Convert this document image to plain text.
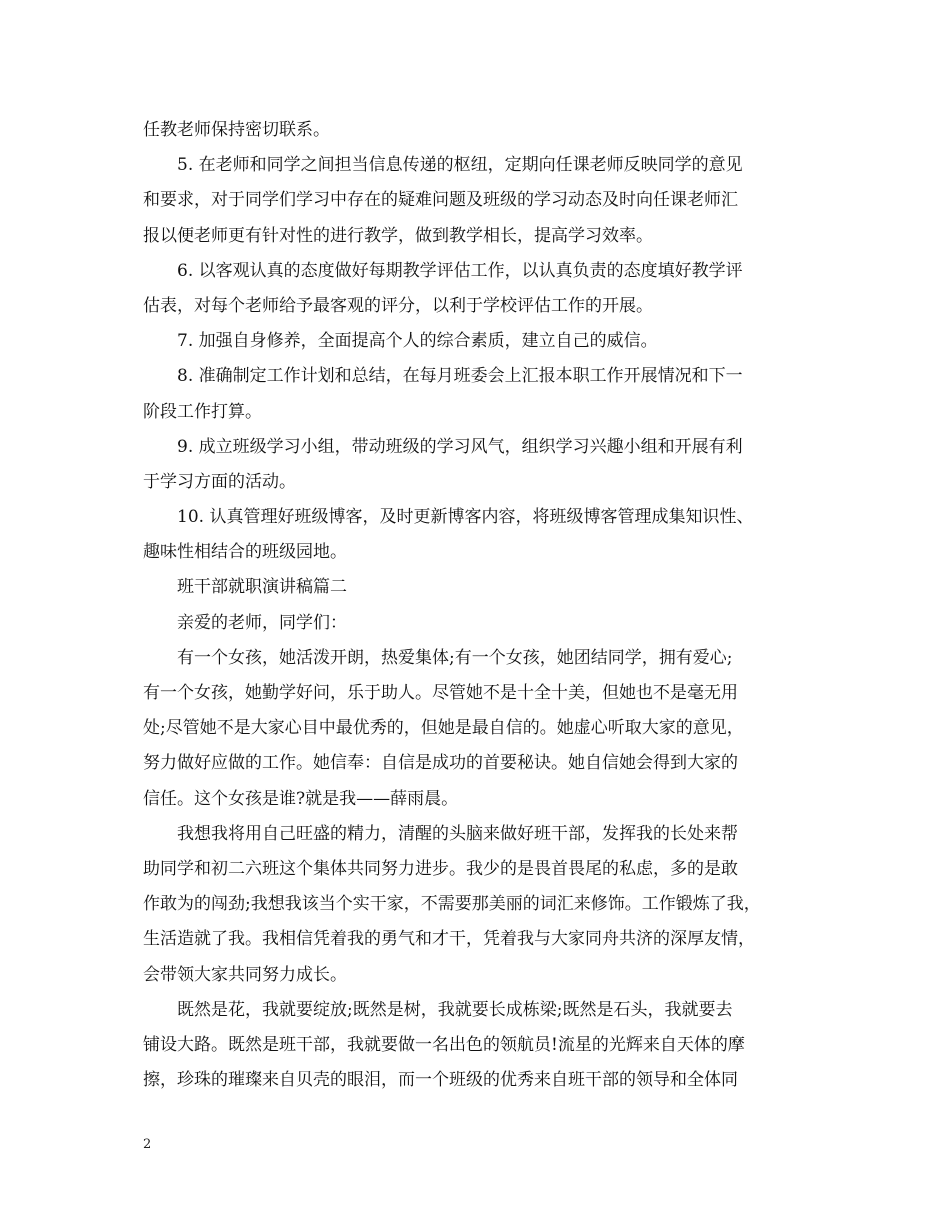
任教老师保持密切联系。
5. 在老师和同学之间担当信息传递的枢纽，定期向任课老师反映同学的意见
和要求，对于同学们学习中存在的疑难问题及班级的学习动态及时向任课老师汇
报以便老师更有针对性的进行教学，做到教学相长，提高学习效率。
6. 以客观认真的态度做好每期教学评估工作，以认真负责的态度填好教学评
估表，对每个老师给予最客观的评分，以利于学校评估工作的开展。
7. 加强自身修养，全面提高个人的综合素质，建立自己的威信。
8. 准确制定工作计划和总结，在每月班委会上汇报本职工作开展情况和下一
阶段工作打算。
9. 成立班级学习小组，带动班级的学习风气，组织学习兴趣小组和开展有利
于学习方面的活动。
10. 认真管理好班级博客，及时更新博客内容，将班级博客管理成集知识性、
趣味性相结合的班级园地。
班干部就职演讲稿篇二
亲爱的老师，同学们：
有一个女孩，她活泼开朗，热爱集体;有一个女孩，她团结同学，拥有爱心;
有一个女孩，她勤学好问，乐于助人。尽管她不是十全十美，但她也不是毫无用
处;尽管她不是大家心目中最优秀的，但她是最自信的。她虚心听取大家的意见，
努力做好应做的工作。她信奉：自信是成功的首要秘诀。她自信她会得到大家的
信任。这个女孩是谁?就是我——薛雨晨。
我想我将用自己旺盛的精力，清醒的头脑来做好班干部，发挥我的长处来帮
助同学和初二六班这个集体共同努力进步。我少的是畏首畏尾的私虑，多的是敢
作敢为的闯劲;我想我该当个实干家，不需要那美丽的词汇来修饰。工作锻炼了我，
生活造就了我。我相信凭着我的勇气和才干，凭着我与大家同舟共济的深厚友情，
会带领大家共同努力成长。
既然是花，我就要绽放;既然是树，我就要长成栋梁;既然是石头，我就要去
铺设大路。既然是班干部，我就要做一名出色的领航员!流星的光辉来自天体的摩
擦，珍珠的璀璨来自贝壳的眼泪，而一个班级的优秀来自班干部的领导和全体同
2
